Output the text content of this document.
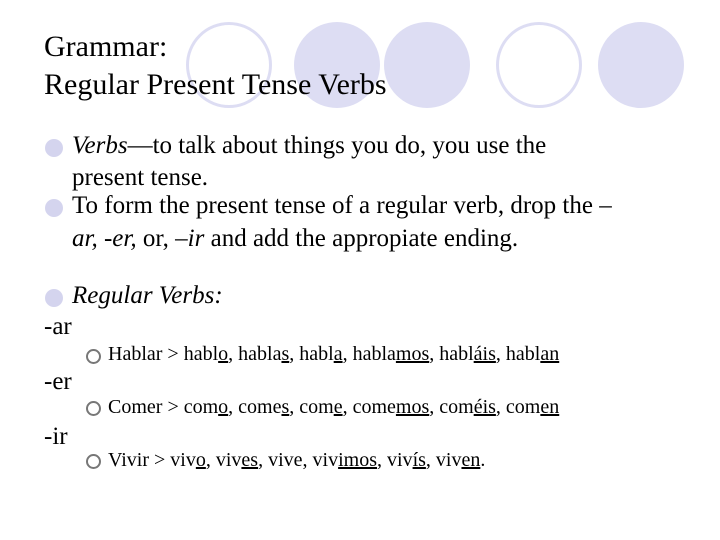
Grammar:
Regular Present Tense Verbs
Verbs—to talk about things you do, you use the
present tense.
To form the present tense of a regular verb, drop the –
ar, -er, or, –ir and add the appropiate ending.
Regular Verbs:
-ar
Hablar > hablo, hablas, habla, hablamos, habláis, hablan
-er
Comer > como, comes, come, comemos, coméis, comen
-ir
Vivir > vivo, vives, vive, vivimos, vivís, viven.
